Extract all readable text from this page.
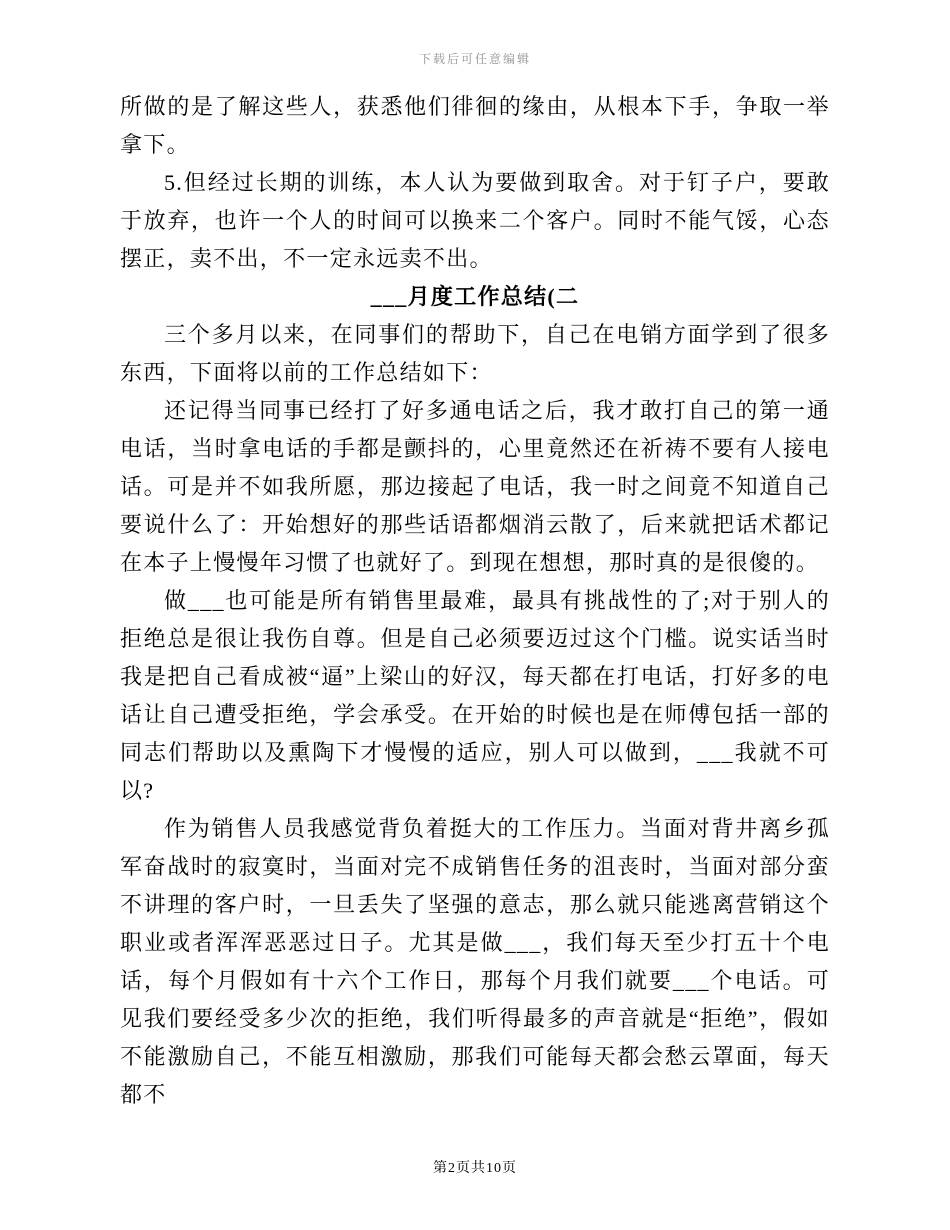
下载后可任意编辑

所做的是了解这些人，获悉他们徘徊的缘由，从根本下手，争取一举拿下。

5.但经过长期的训练，本人认为要做到取舍。对于钉子户，要敢于放弃，也许一个人的时间可以换来二个客户。同时不能气馁，心态摆正，卖不出，不一定永远卖不出。

___月度工作总结(二

三个多月以来，在同事们的帮助下，自己在电销方面学到了很多东西，下面将以前的工作总结如下：

还记得当同事已经打了好多通电话之后，我才敢打自己的第一通电话，当时拿电话的手都是颤抖的，心里竟然还在祈祷不要有人接电话。可是并不如我所愿，那边接起了电话，我一时之间竟不知道自己要说什么了：开始想好的那些话语都烟消云散了，后来就把话术都记在本子上慢慢年习惯了也就好了。到现在想想，那时真的是很傻的。

做___也可能是所有销售里最难，最具有挑战性的了;对于别人的拒绝总是很让我伤自尊。但是自己必须要迈过这个门槛。说实话当时我是把自己看成被“逼”上梁山的好汉，每天都在打电话，打好多的电话让自己遭受拒绝，学会承受。在开始的时候也是在师傅包括一部的同志们帮助以及熏陶下才慢慢的适应，别人可以做到，___我就不可以?

作为销售人员我感觉背负着挺大的工作压力。当面对背井离乡孤军奋战时的寂寞时，当面对完不成销售任务的沮丧时，当面对部分蛮不讲理的客户时，一旦丢失了坚强的意志，那么就只能逃离营销这个职业或者浑浑恶恶过日子。尤其是做___，我们每天至少打五十个电话，每个月假如有十六个工作日，那每个月我们就要___个电话。可见我们要经受多少次的拒绝，我们听得最多的声音就是“拒绝”，假如不能激励自己，不能互相激励，那我们可能每天都会愁云罩面，每天都不

第2页共10页
